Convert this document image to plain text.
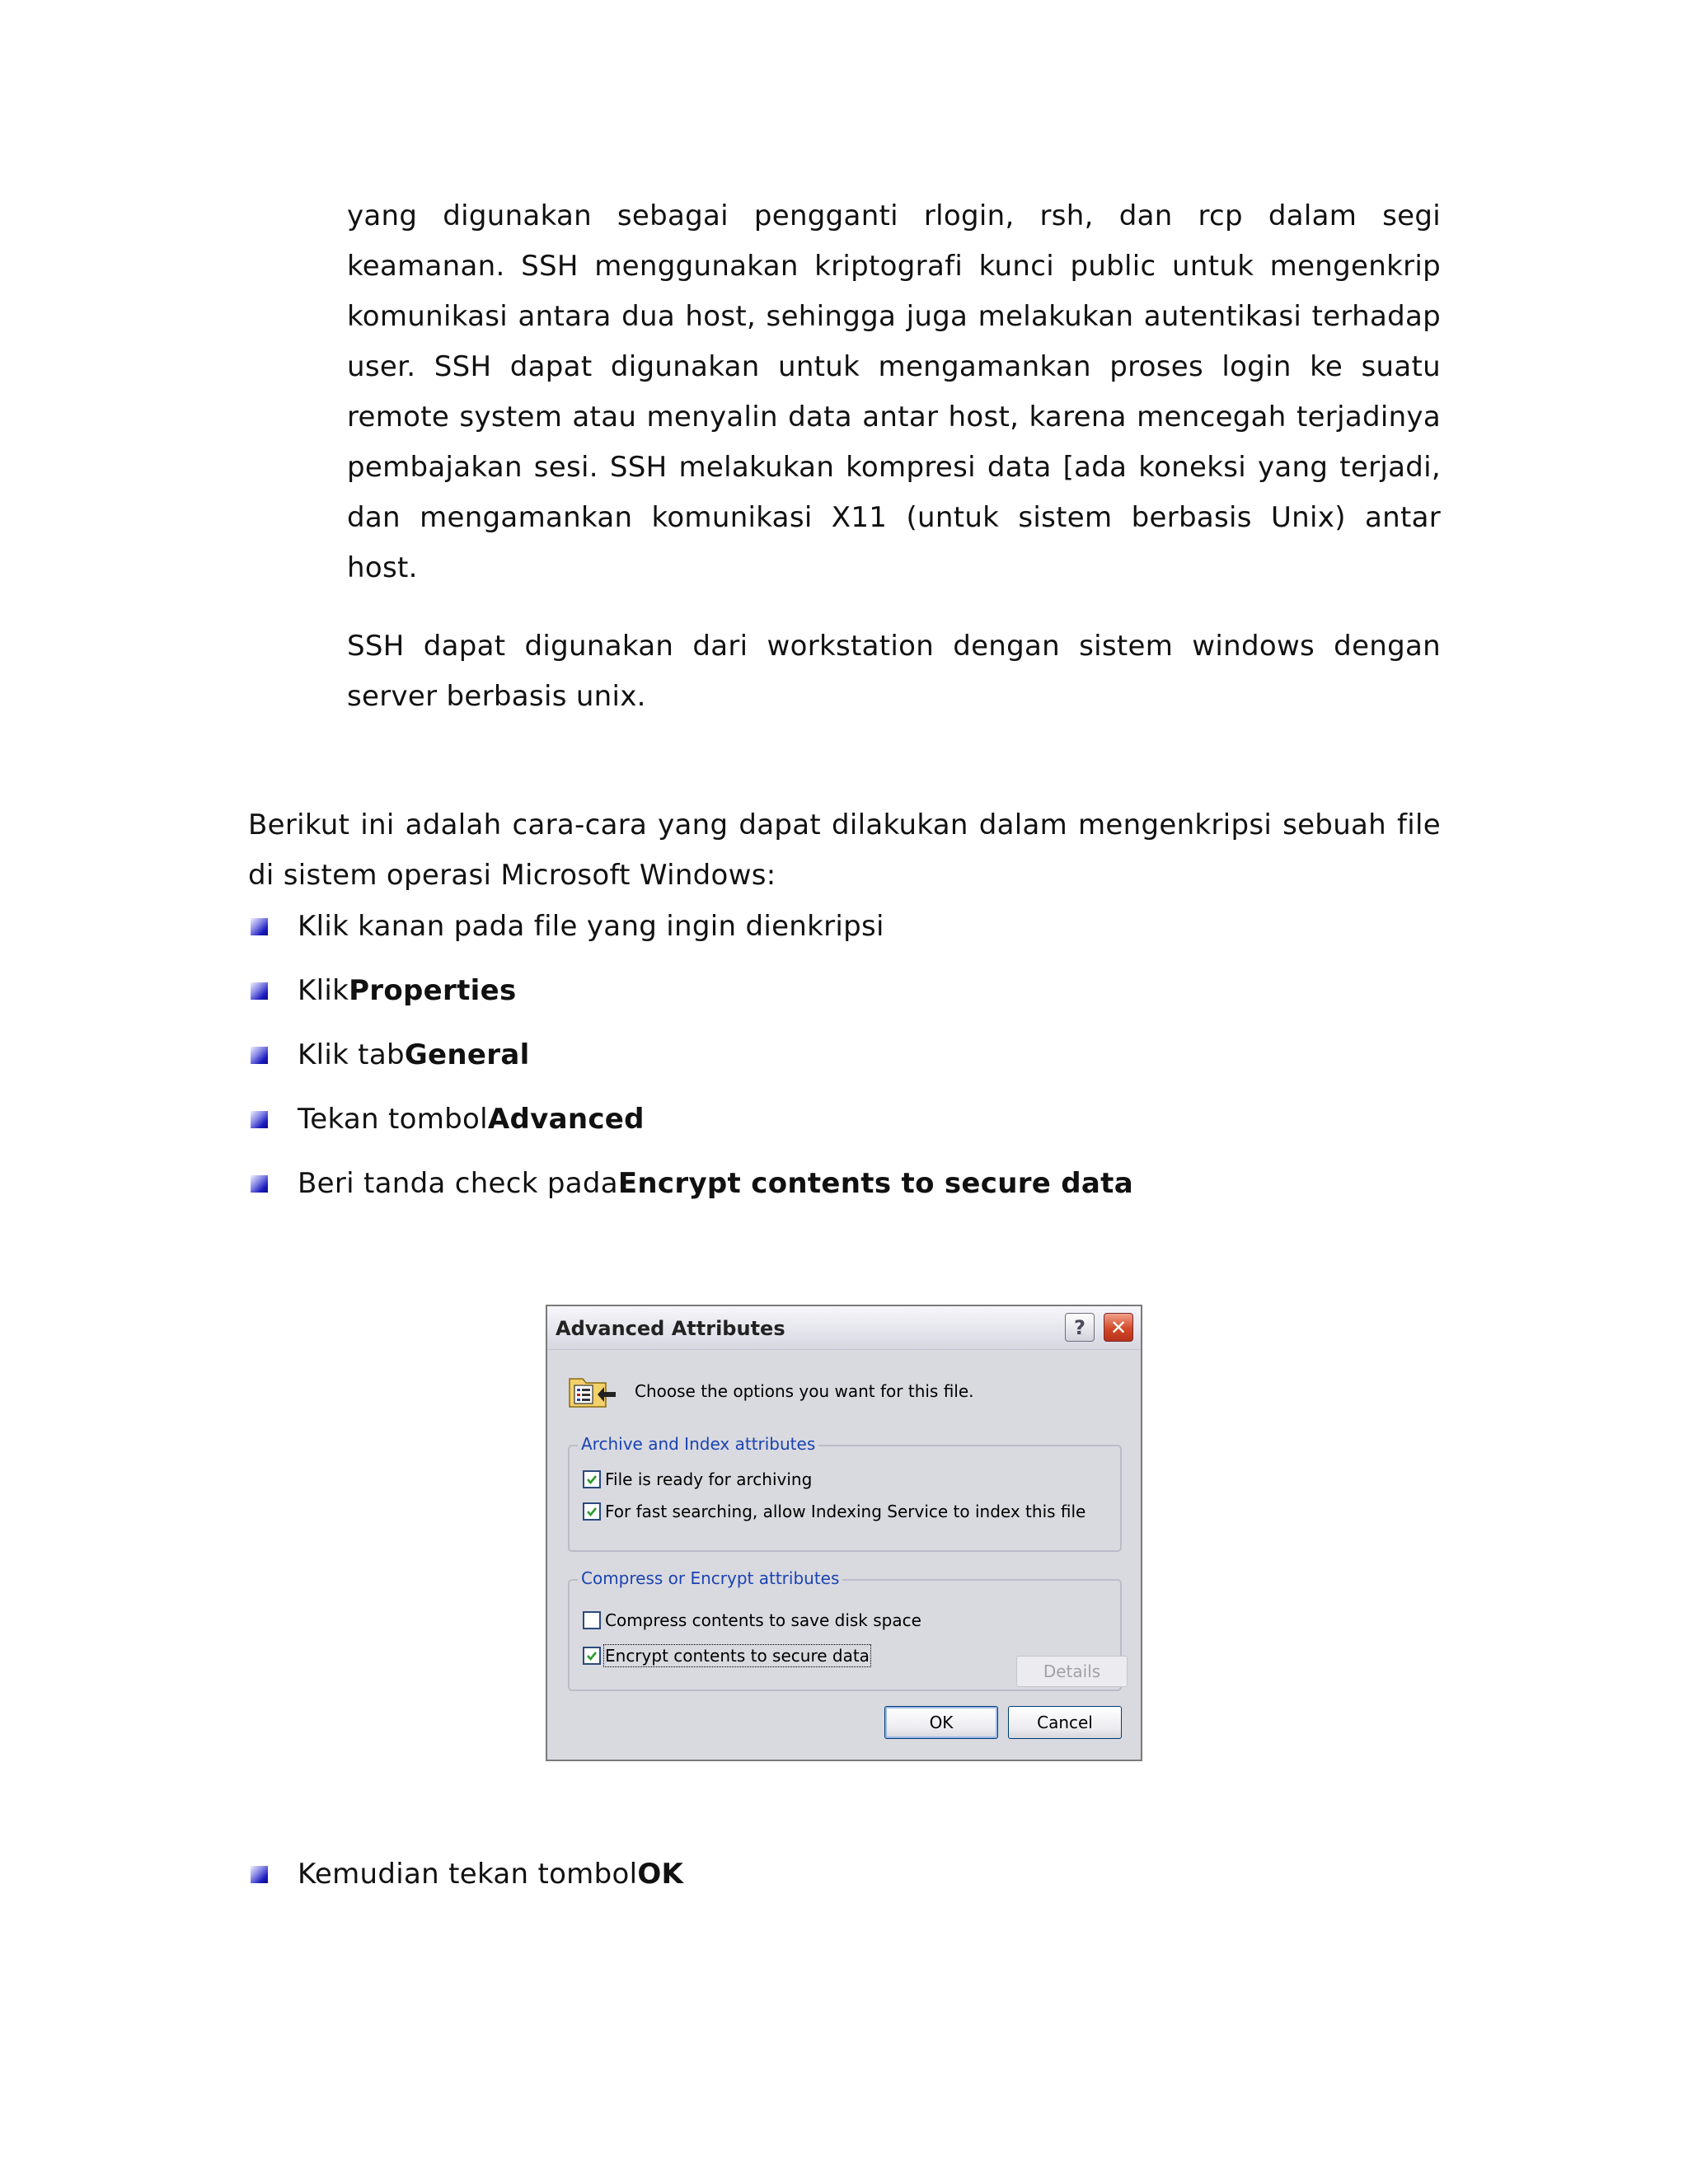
yang digunakan sebagai pengganti rlogin, rsh, dan rcp dalam segi keamanan. SSH menggunakan kriptografi kunci public untuk mengenkrip komunikasi antara dua host, sehingga juga melakukan autentikasi terhadap user. SSH dapat digunakan untuk mengamankan proses login ke suatu remote system atau menyalin data antar host, karena mencegah terjadinya pembajakan sesi. SSH melakukan kompresi data [ada koneksi yang terjadi, dan mengamankan komunikasi X11 (untuk sistem berbasis Unix) antar host.

SSH dapat digunakan dari workstation dengan sistem windows dengan server berbasis unix.

Berikut ini adalah cara-cara yang dapat dilakukan dalam mengenkripsi sebuah file di sistem operasi Microsoft Windows:

Klik kanan pada file yang ingin dienkripsi
Klik Properties
Klik tab General
Tekan tombol Advanced
Beri tanda check pada Encrypt contents to secure data
Kemudian tekan tombol OK
Advanced Attributes	? ✕
Choose the options you want for this file.
Archive and Index attributes
File is ready for archiving
For fast searching, allow Indexing Service to index this file
Compress or Encrypt attributes
Compress contents to save disk space
Encrypt contents to secure data
Details
OK	Cancel
